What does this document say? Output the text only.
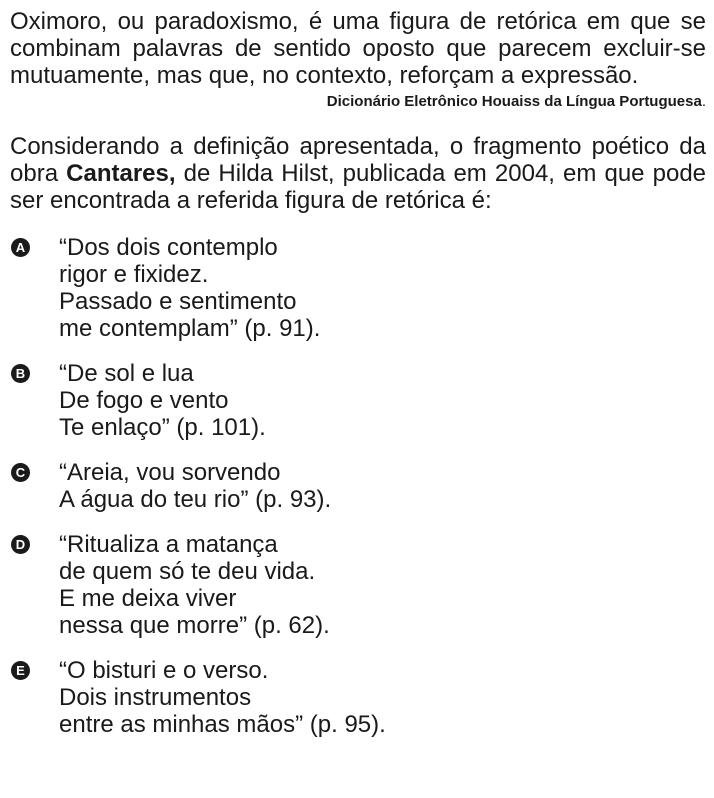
Oximoro, ou paradoxismo, é uma figura de retórica em que se combinam palavras de sentido oposto que parecem excluir-se mutuamente, mas que, no contexto, reforçam a expressão.

Dicionário Eletrônico Houaiss da Língua Portuguesa.

Considerando a definição apresentada, o fragmento poético da obra Cantares, de Hilda Hilst, publicada em 2004, em que pode ser encontrada a referida figura de retórica é:

A “Dos dois contemplo
rigor e fixidez.
Passado e sentimento
me contemplam” (p. 91).
B “De sol e lua
De fogo e vento
Te enlaço” (p. 101).
C “Areia, vou sorvendo
A água do teu rio” (p. 93).
D “Ritualiza a matança
de quem só te deu vida.
E me deixa viver
nessa que morre” (p. 62).
E “O bisturi e o verso.
Dois instrumentos
entre as minhas mãos” (p. 95).
